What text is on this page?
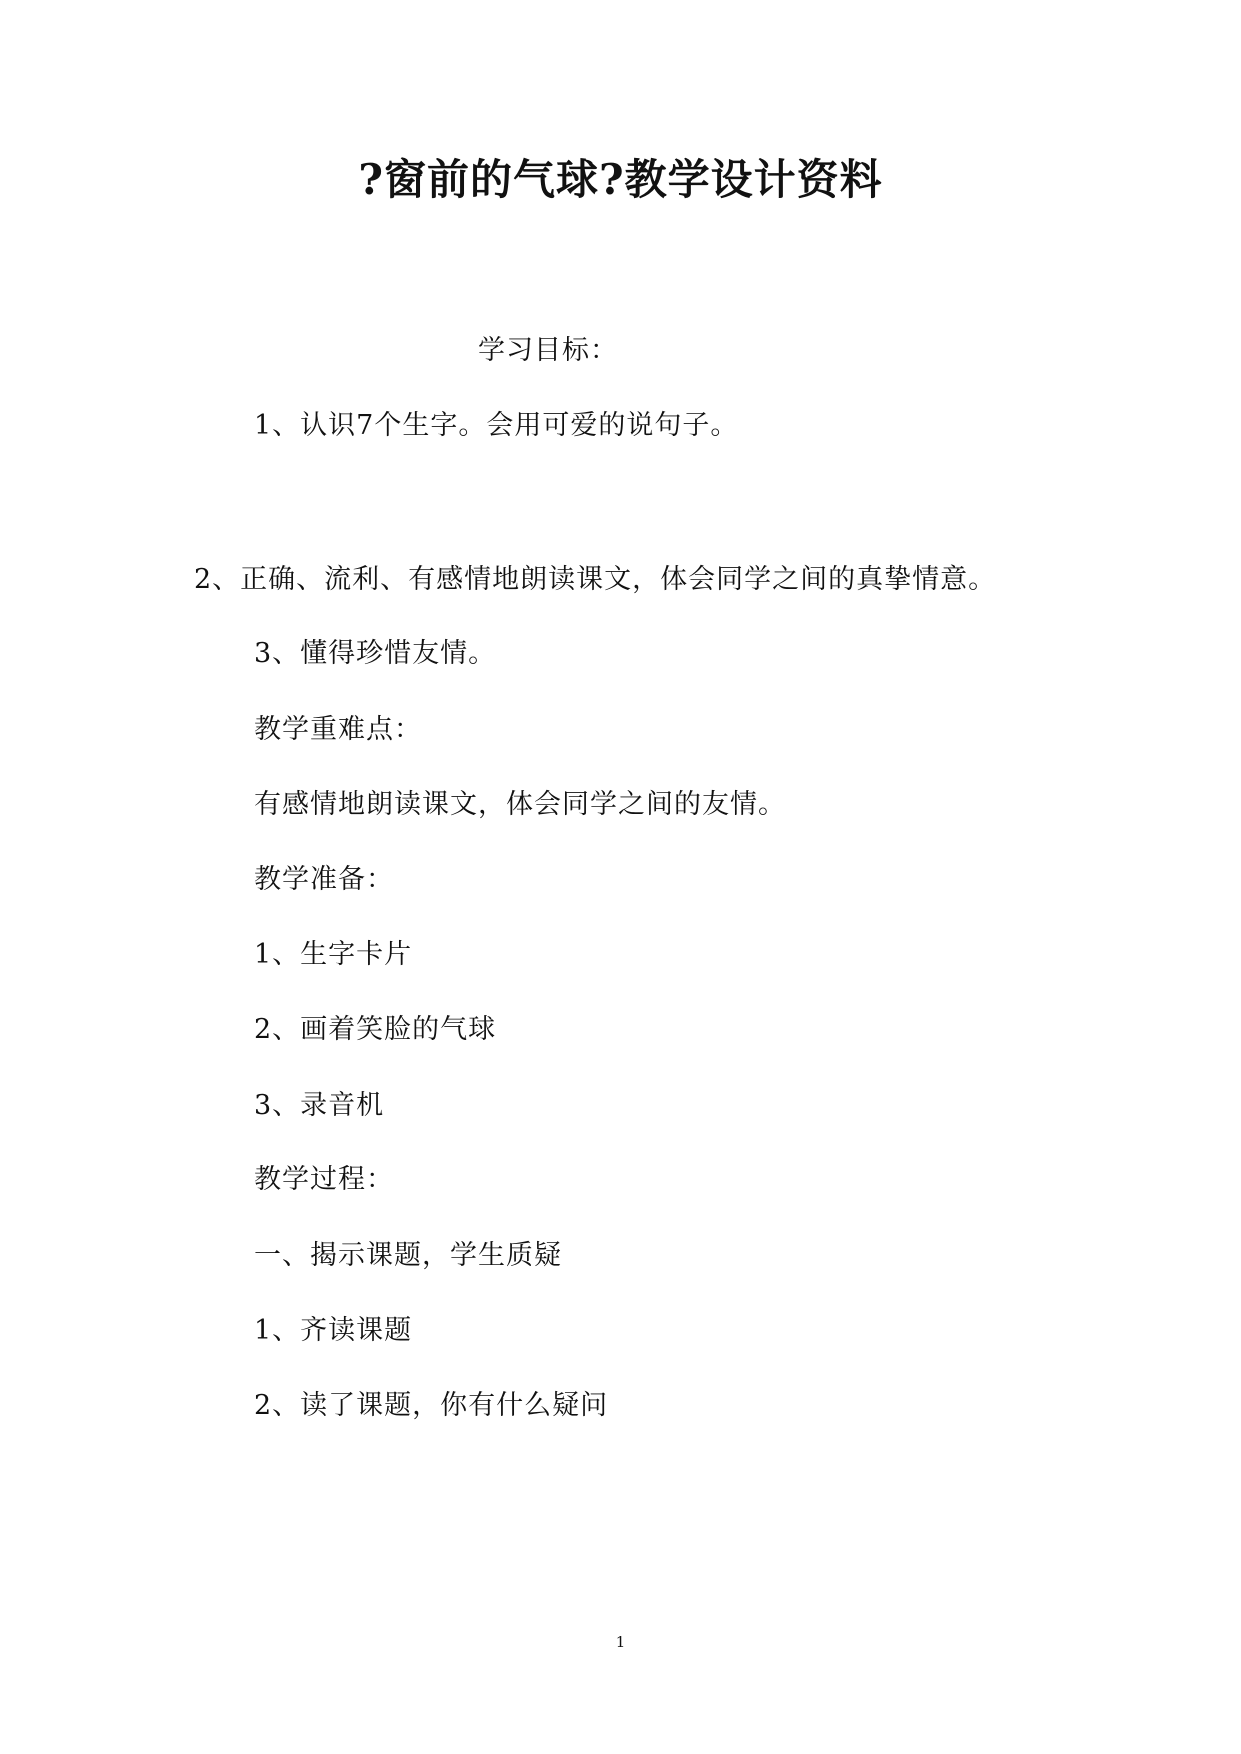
?窗前的气球?教学设计资料

学习目标：

1、认识7个生字。会用可爱的说句子。

2、正确、流利、有感情地朗读课文，体会同学之间的真挚情意。

3、懂得珍惜友情。

教学重难点：

有感情地朗读课文，体会同学之间的友情。

教学准备：

1、生字卡片

2、画着笑脸的气球

3、录音机

教学过程：

一、揭示课题，学生质疑

1、齐读课题

2、读了课题，你有什么疑问

1
